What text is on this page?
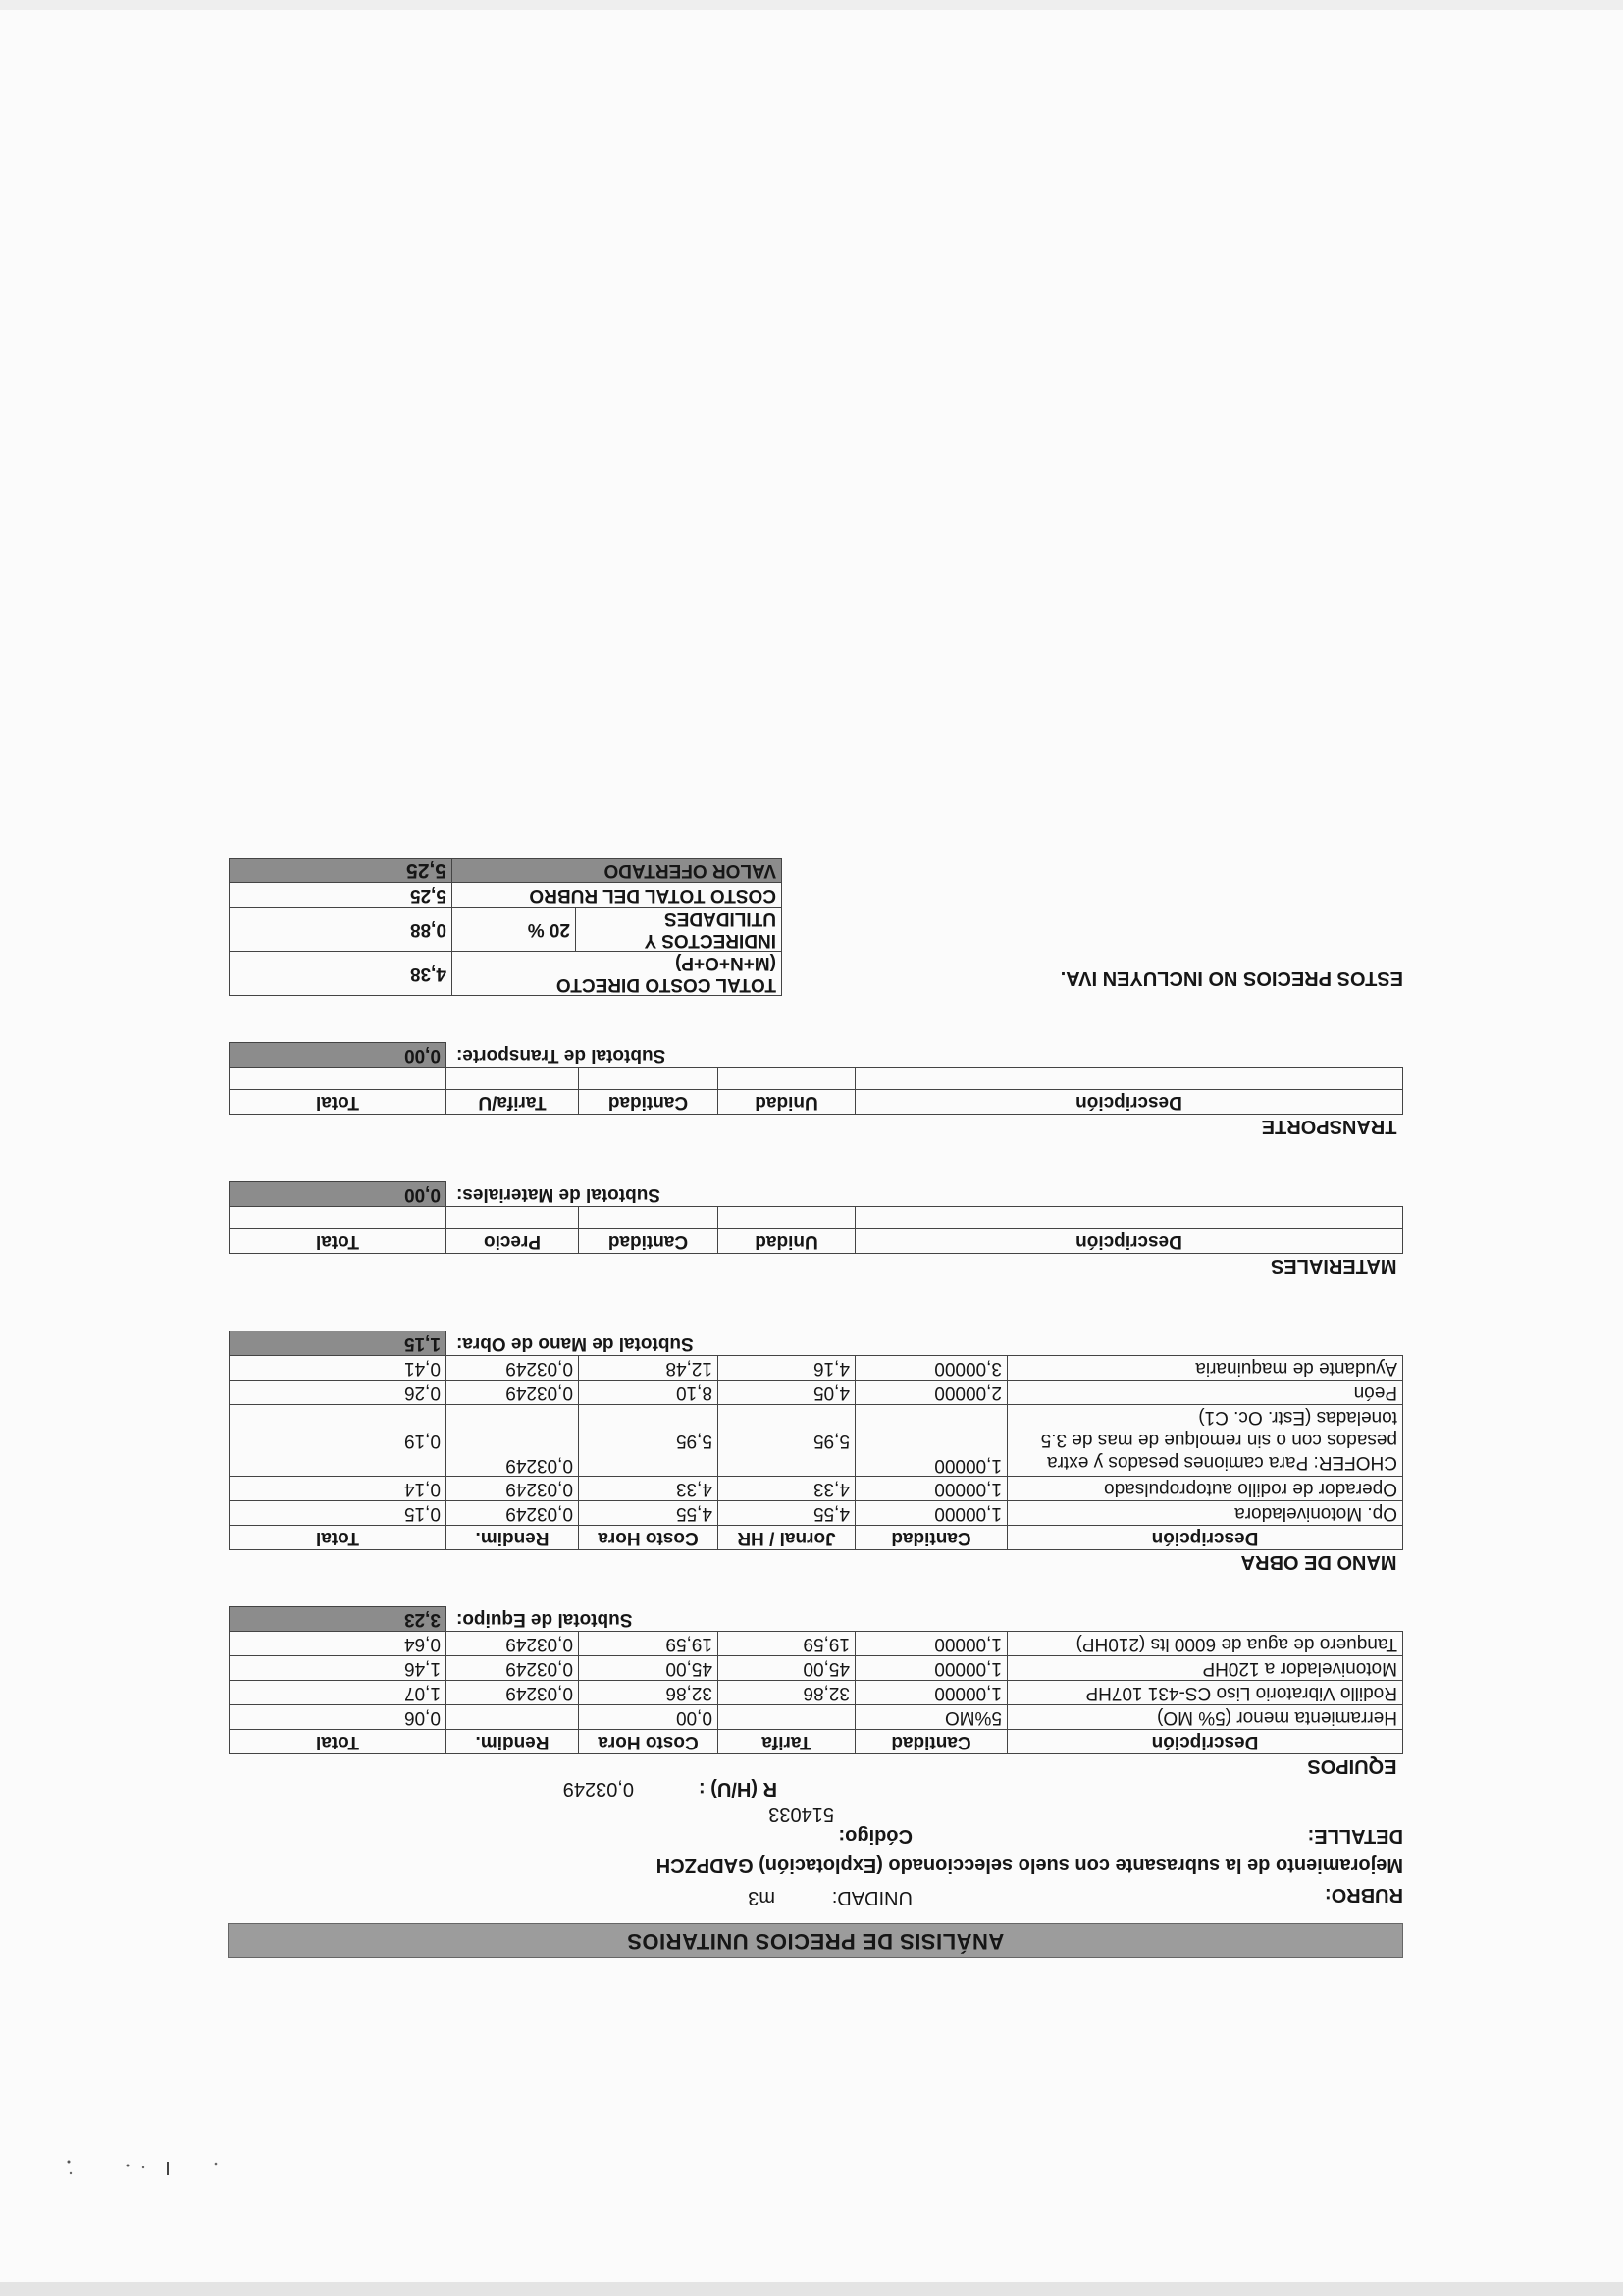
ANÁLISIS DE PRECIOS UNITARIOS
RUBRO:
UNIDAD:
m3
Mejoramiento de la subrasante con suelo seleccionado (Explotación) GADPZCH
DETALLE:
Código:
514033
R (H/U) :
0,03249
EQUIPOS					
Descripción	Cantidad	Tarifa	Costo Hora	Rendim.	Total
Herramienta menor (5% MO)	5%MO		0,00		0,06
Rodillo Vibratorio Liso CS-431 107HP	1,00000	32,86	32,86	0,03249	1,07
Motonivelador a 120HP	1,00000	45,00	45,00	0,03249	1,46
Tanquero de agua de 6000 lts (210HP)	1,00000	19,59	19,59	0,03249	0,64
Subtotal de Equipo:					3,23
MANO DE OBRA					
Descripción	Cantidad	Jornal / HR	Costo Hora	Rendim.	Total
Op. Motoniveladora	1,00000	4,55	4,55	0,03249	0,15
Operador de rodillo autopropulsado	1,00000	4,33	4,33	0,03249	0,14
CHOFER: Para camiones pesados y extra pesados con o sin remolque de mas de 3.5 toneladas (Estr. Oc. C1)	1,00000	5,95	5,95	0,03249	0,19
Peón	2,00000	4,05	8,10	0,03249	0,26
Ayudante de maquinaria	3,00000	4,16	12,48	0,03249	0,41
Subtotal de Mano de Obra:					1,15
MATERIALES				
Descripción	Unidad	Cantidad	Precio	Total

Subtotal de Materiales:				0,00
TRANSPORTE				
Descripción	Unidad	Cantidad	Tarifa/U	Total

Subtotal de Transporte:				0,00
ESTOS PRECIOS NO INCLUYEN IVA.
TOTAL COSTO DIRECTO (M+N+O+P)		4,38
INDIRECTOS Y UTILIDADES	20 %	0,88
COSTO TOTAL DEL RUBRO		5,25
VALOR OFERTADO		5,25
